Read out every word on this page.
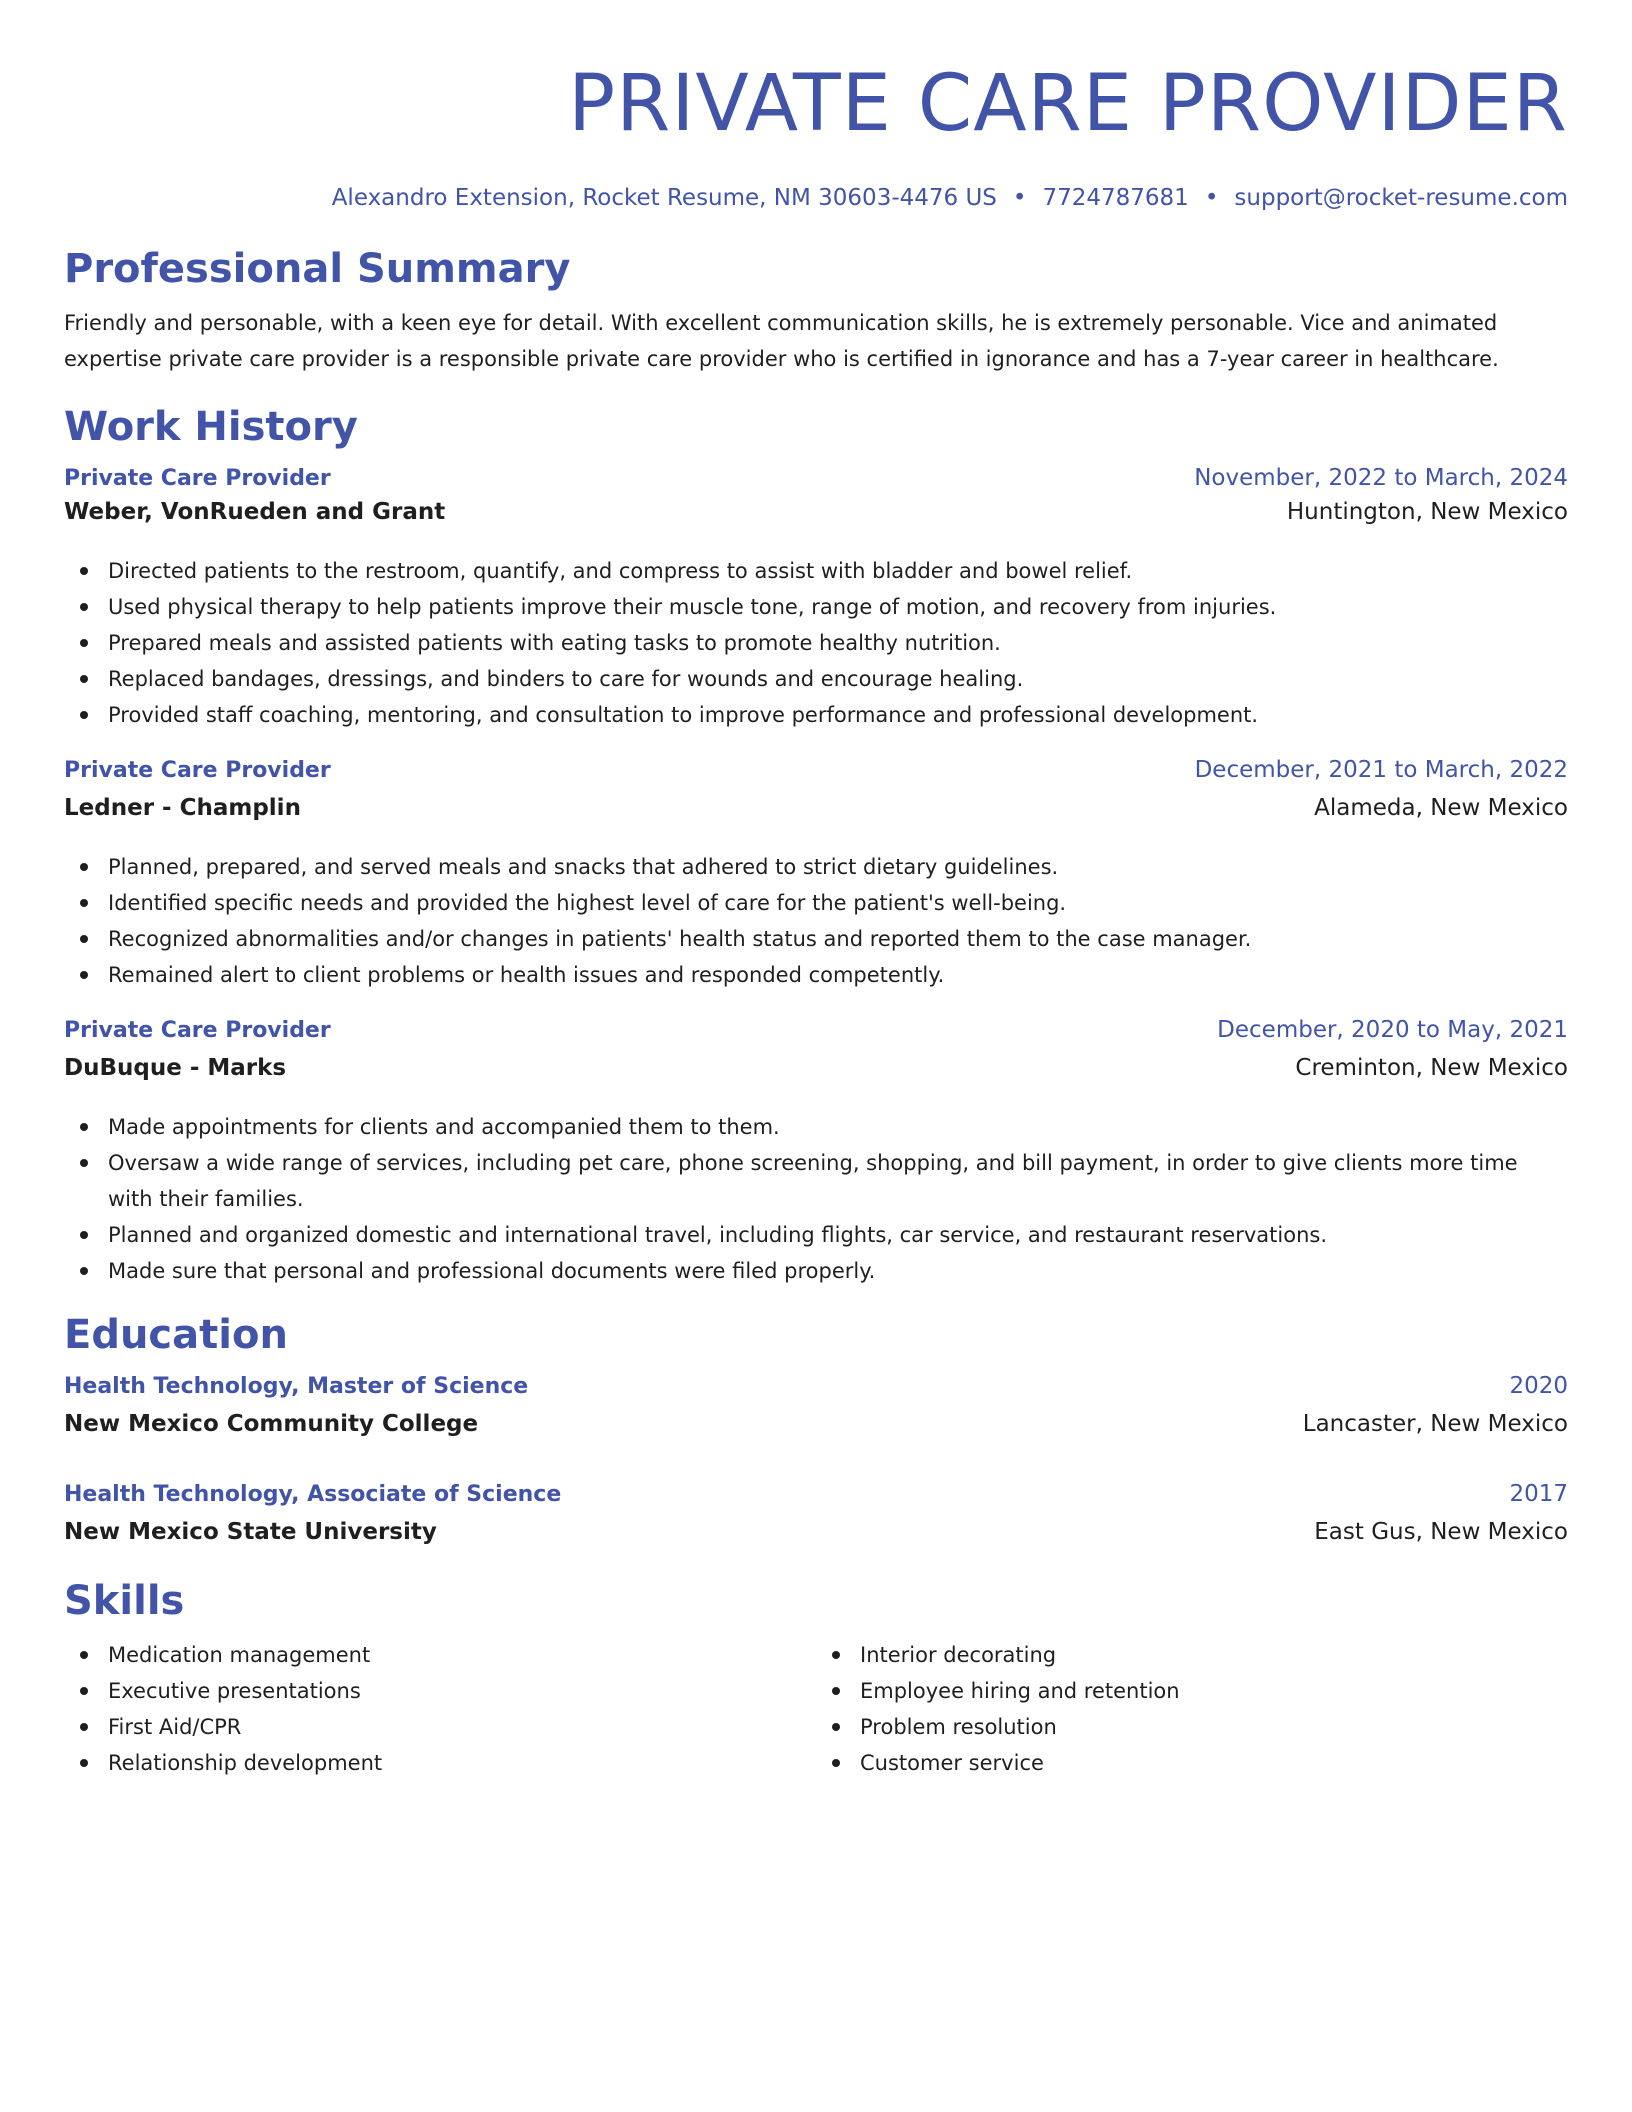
PRIVATE CARE PROVIDER
Alexandro Extension, Rocket Resume, NM 30603-4476 US • 7724787681 • support@rocket-resume.com
Professional Summary

Friendly and personable, with a keen eye for detail. With excellent communication skills, he is extremely personable. Vice and animated expertise private care provider is a responsible private care provider who is certified in ignorance and has a 7-year career in healthcare.

Work History
Private Care Provider	November, 2022 to March, 2024
Weber, VonRueden and Grant	Huntington, New Mexico
Directed patients to the restroom, quantify, and compress to assist with bladder and bowel relief.
Used physical therapy to help patients improve their muscle tone, range of motion, and recovery from injuries.
Prepared meals and assisted patients with eating tasks to promote healthy nutrition.
Replaced bandages, dressings, and binders to care for wounds and encourage healing.
Provided staff coaching, mentoring, and consultation to improve performance and professional development.
Private Care Provider	December, 2021 to March, 2022
Ledner - Champlin	Alameda, New Mexico
Planned, prepared, and served meals and snacks that adhered to strict dietary guidelines.
Identified specific needs and provided the highest level of care for the patient's well-being.
Recognized abnormalities and/or changes in patients' health status and reported them to the case manager.
Remained alert to client problems or health issues and responded competently.
Private Care Provider	December, 2020 to May, 2021
DuBuque - Marks	Creminton, New Mexico
Made appointments for clients and accompanied them to them.
Oversaw a wide range of services, including pet care, phone screening, shopping, and bill payment, in order to give clients more time with their families.
Planned and organized domestic and international travel, including flights, car service, and restaurant reservations.
Made sure that personal and professional documents were filed properly.
Education
Health Technology, Master of Science	2020
New Mexico Community College	Lancaster, New Mexico
Health Technology, Associate of Science	2017
New Mexico State University	East Gus, New Mexico
Skills
Medication management
Executive presentations
First Aid/CPR
Relationship development
Interior decorating
Employee hiring and retention
Problem resolution
Customer service
